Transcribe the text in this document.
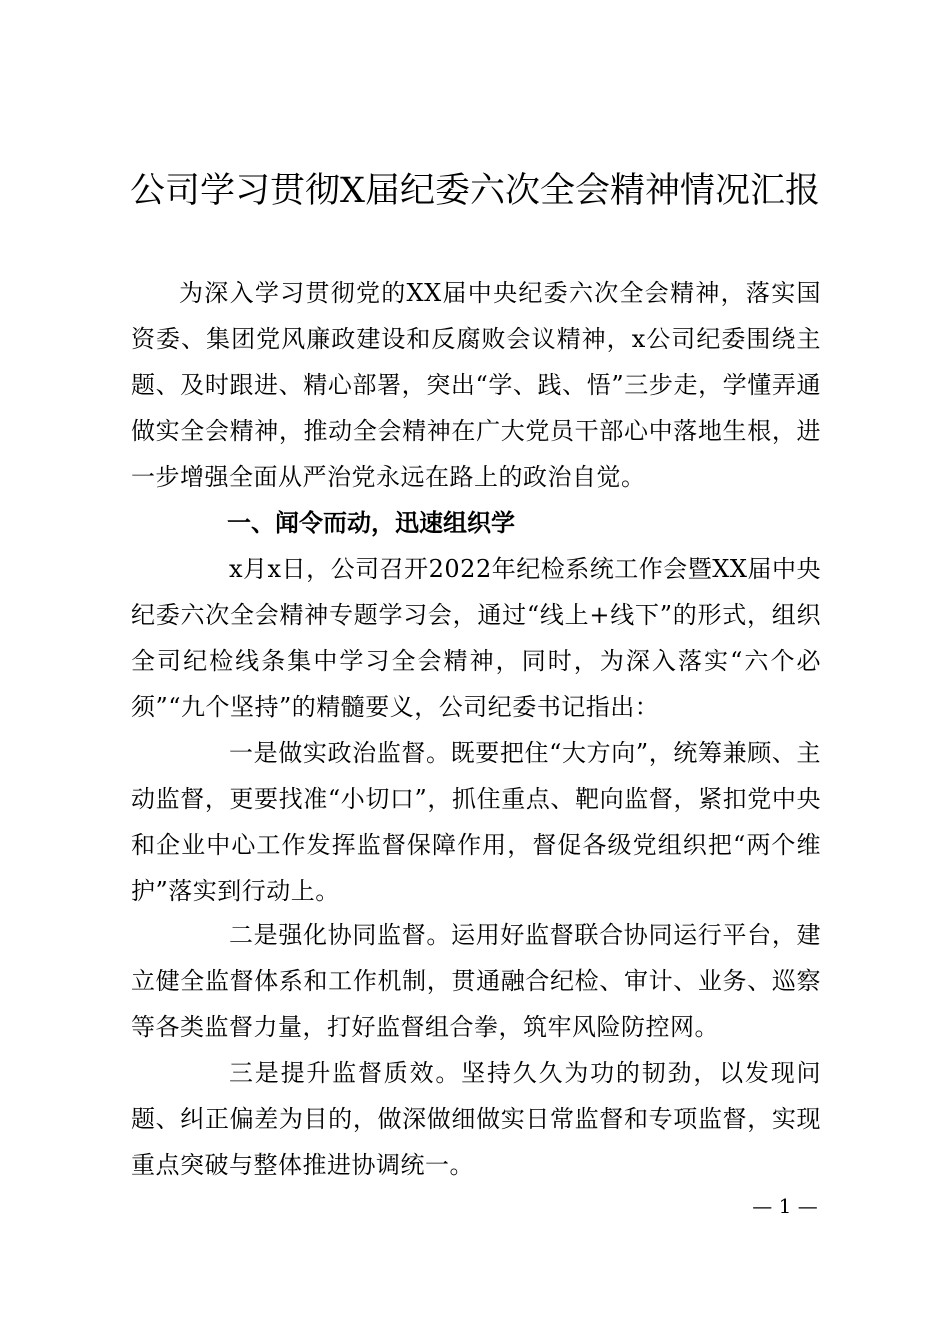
公司学习贯彻X届纪委六次全会精神情况汇报

为深入学习贯彻党的XX届中央纪委六次全会精神，落实国资委、集团党风廉政建设和反腐败会议精神，x公司纪委围绕主题、及时跟进、精心部署，突出“学、践、悟”三步走，学懂弄通做实全会精神，推动全会精神在广大党员干部心中落地生根，进一步增强全面从严治党永远在路上的政治自觉。

一、闻令而动，迅速组织学

x月x日，公司召开2022年纪检系统工作会暨XX届中央纪委六次全会精神专题学习会，通过“线上+线下”的形式，组织全司纪检线条集中学习全会精神，同时，为深入落实“六个必须”“九个坚持”的精髓要义，公司纪委书记指出：

一是做实政治监督。既要把住“大方向”，统筹兼顾、主动监督，更要找准“小切口”，抓住重点、靶向监督，紧扣党中央和企业中心工作发挥监督保障作用，督促各级党组织把“两个维护”落实到行动上。

二是强化协同监督。运用好监督联合协同运行平台，建立健全监督体系和工作机制，贯通融合纪检、审计、业务、巡察等各类监督力量，打好监督组合拳，筑牢风险防控网。

三是提升监督质效。坚持久久为功的韧劲，以发现问题、纠正偏差为目的，做深做细做实日常监督和专项监督，实现重点突破与整体推进协调统一。

— 1 —
